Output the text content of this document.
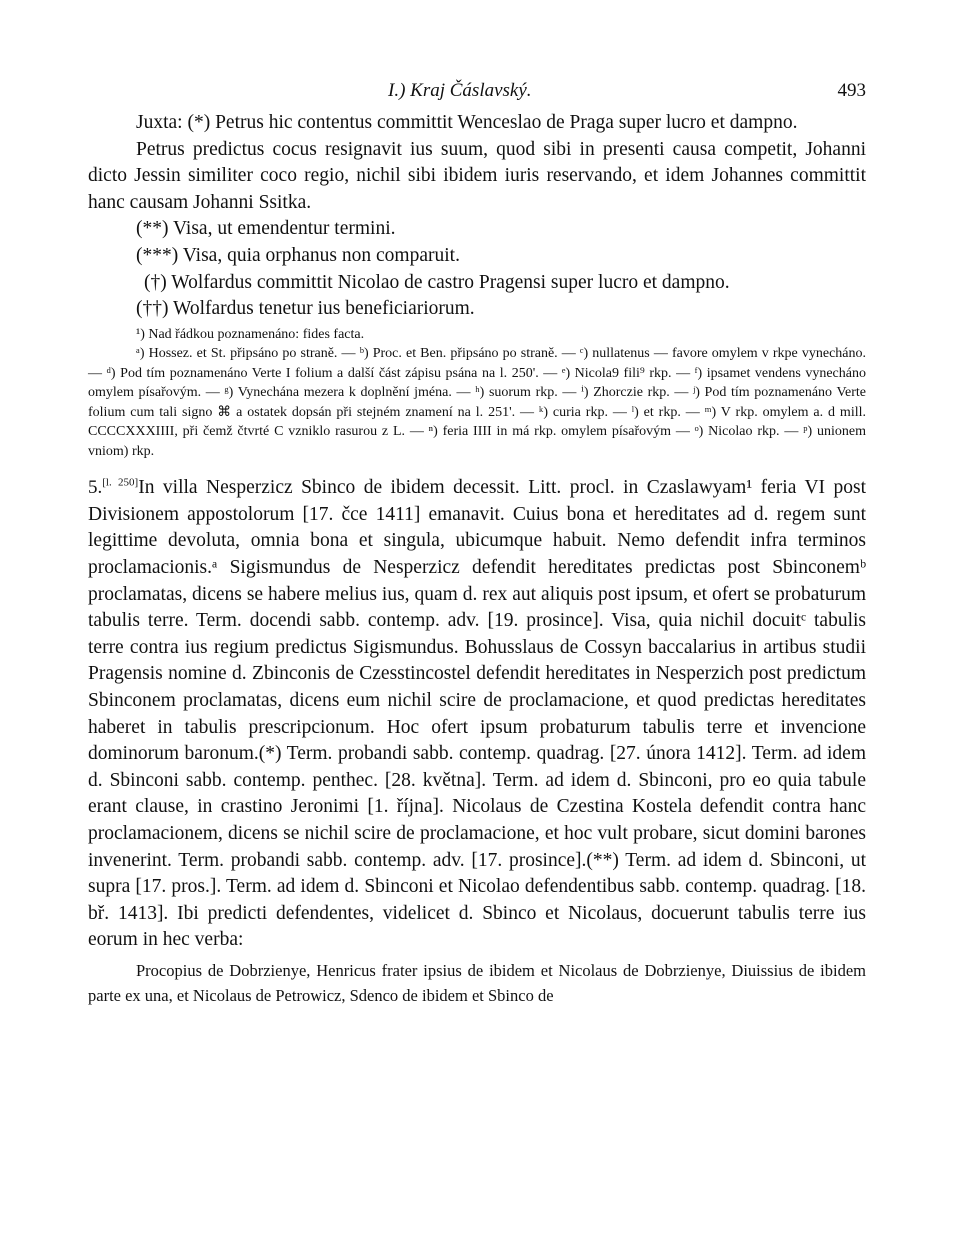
I.) Kraj Čáslavský.	493

Juxta: (*) Petrus hic contentus committit Wenceslao de Praga super lucro et dampno.

Petrus predictus cocus resignavit ius suum, quod sibi in presenti causa competit, Johanni dicto Jessin similiter coco regio, nichil sibi ibidem iuris reservando, et idem Johannes committit hanc causam Johanni Ssitka.

(**) Visa, ut emendentur termini.

(***) Visa, quia orphanus non comparuit.

(†) Wolfardus committit Nicolao de castro Pragensi super lucro et dampno.

(††) Wolfardus tenetur ius beneficiariorum.

¹) Nad řádkou poznamenáno: fides facta.

ᵃ) Hossez. et St. připsáno po straně. — ᵇ) Proc. et Ben. připsáno po straně. — ᶜ) nullatenus — favore omylem v rkpe vynecháno. — ᵈ) Pod tím poznamenáno Verte I folium a další část zápisu psána na l. 250'. — ᵉ) Nicola9 fili⁹ rkp. — ᶠ) ipsamet vendens vynecháno omylem písařovým. — ᵍ) Vynechána mezera k doplnění jména. — ʰ) suorum rkp. — ⁱ) Zhorczie rkp. — ʲ) Pod tím poznamenáno Verte folium cum tali signo ⌘ a ostatek dopsán při stejném znamení na l. 251'. — ᵏ) curia rkp. — ˡ) et rkp. — ᵐ) V rkp. omylem a. d mill. CCCCXXXIIII, při čemž čtvrté C vzniklo rasurou z L. — ⁿ) feria IIII in má rkp. omylem písařovým — ᵒ) Nicolao rkp. — ᵖ) unionem vniom) rkp.

5.[l. 250]In villa Nesperzicz Sbinco de ibidem decessit. Litt. procl. in Czaslawyam¹ feria VI post Divisionem appostolorum [17. čce 1411] emanavit. Cuius bona et hereditates ad d. regem sunt legittime devoluta, omnia bona et singula, ubicumque habuit. Nemo defendit infra terminos proclamacionis.ᵃ Sigismundus de Nesperzicz defendit hereditates predictas post Sbinconemᵇ proclamatas, dicens se habere melius ius, quam d. rex aut aliquis post ipsum, et ofert se probaturum tabulis terre. Term. docendi sabb. contemp. adv. [19. prosince]. Visa, quia nichil docuitᶜ tabulis terre contra ius regium predictus Sigismundus. Bohusslaus de Cossyn baccalarius in artibus studii Pragensis nomine d. Zbinconis de Czesstincostel defendit hereditates in Nesperzich post predictum Sbinconem proclamatas, dicens eum nichil scire de proclamacione, et quod predictas hereditates haberet in tabulis prescripcionum. Hoc ofert ipsum probaturum tabulis terre et invencione dominorum baronum.(*) Term. probandi sabb. contemp. quadrag. [27. února 1412]. Term. ad idem d. Sbinconi sabb. contemp. penthec. [28. května]. Term. ad idem d. Sbinconi, pro eo quia tabule erant clause, in crastino Jeronimi [1. října]. Nicolaus de Czestina Kostela defendit contra hanc proclamacionem, dicens se nichil scire de proclamacione, et hoc vult probare, sicut domini barones invenerint. Term. probandi sabb. contemp. adv. [17. prosince].(**) Term. ad idem d. Sbinconi, ut supra [17. pros.]. Term. ad idem d. Sbinconi et Nicolao defendentibus sabb. contemp. quadrag. [18. bř. 1413]. Ibi predicti defendentes, videlicet d. Sbinco et Nicolaus, docuerunt tabulis terre ius eorum in hec verba:

Procopius de Dobrzienye, Henricus frater ipsius de ibidem et Nicolaus de Dobrzienye, Diuissius de ibidem parte ex una, et Nicolaus de Petrowicz, Sdenco de ibidem et Sbinco de
